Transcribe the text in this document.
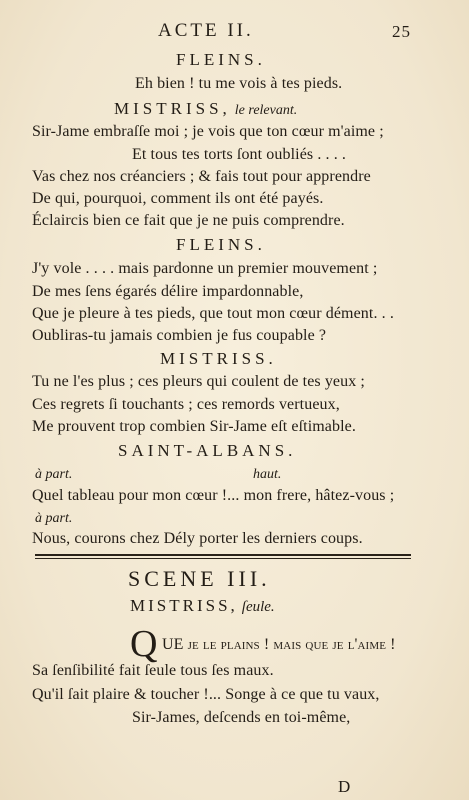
ACTE II.	25
FLEINS.
Eh bien ! tu me vois à tes pieds.
MISTRISS, le relevant.
Sir-Jame embraſſe moi ; je vois que ton cœur m'aime ;
Et tous tes torts ſont oubliés . . . .
Vas chez nos créanciers ; & fais tout pour apprendre
De qui, pourquoi, comment ils ont été payés.
Éclaircis bien ce fait que je ne puis comprendre.
FLEINS.
J'y vole . . . . mais pardonne un premier mouvement ;
De mes ſens égarés délire impardonnable,
Que je pleure à tes pieds, que tout mon cœur dément. . .
Oubliras-tu jamais combien je fus coupable ?
MISTRISS.
Tu ne l'es plus ; ces pleurs qui coulent de tes yeux ;
Ces regrets ſi touchants ; ces remords vertueux,
Me prouvent trop combien Sir-Jame eſt eſtimable.
SAINT-ALBANS.
à part.	haut.
Quel tableau pour mon cœur !... mon frere, hâtez-vous ;
à part.
Nous, courons chez Dély porter les derniers coups.
SCENE III.
MISTRISS, ſeule.
Q UE je le plains ! mais que je l'aime !
Sa ſenſibilité fait ſeule tous ſes maux.
Qu'il ſait plaire & toucher !... Songe à ce que tu vaux,
Sir-James, deſcends en toi-même,
D
